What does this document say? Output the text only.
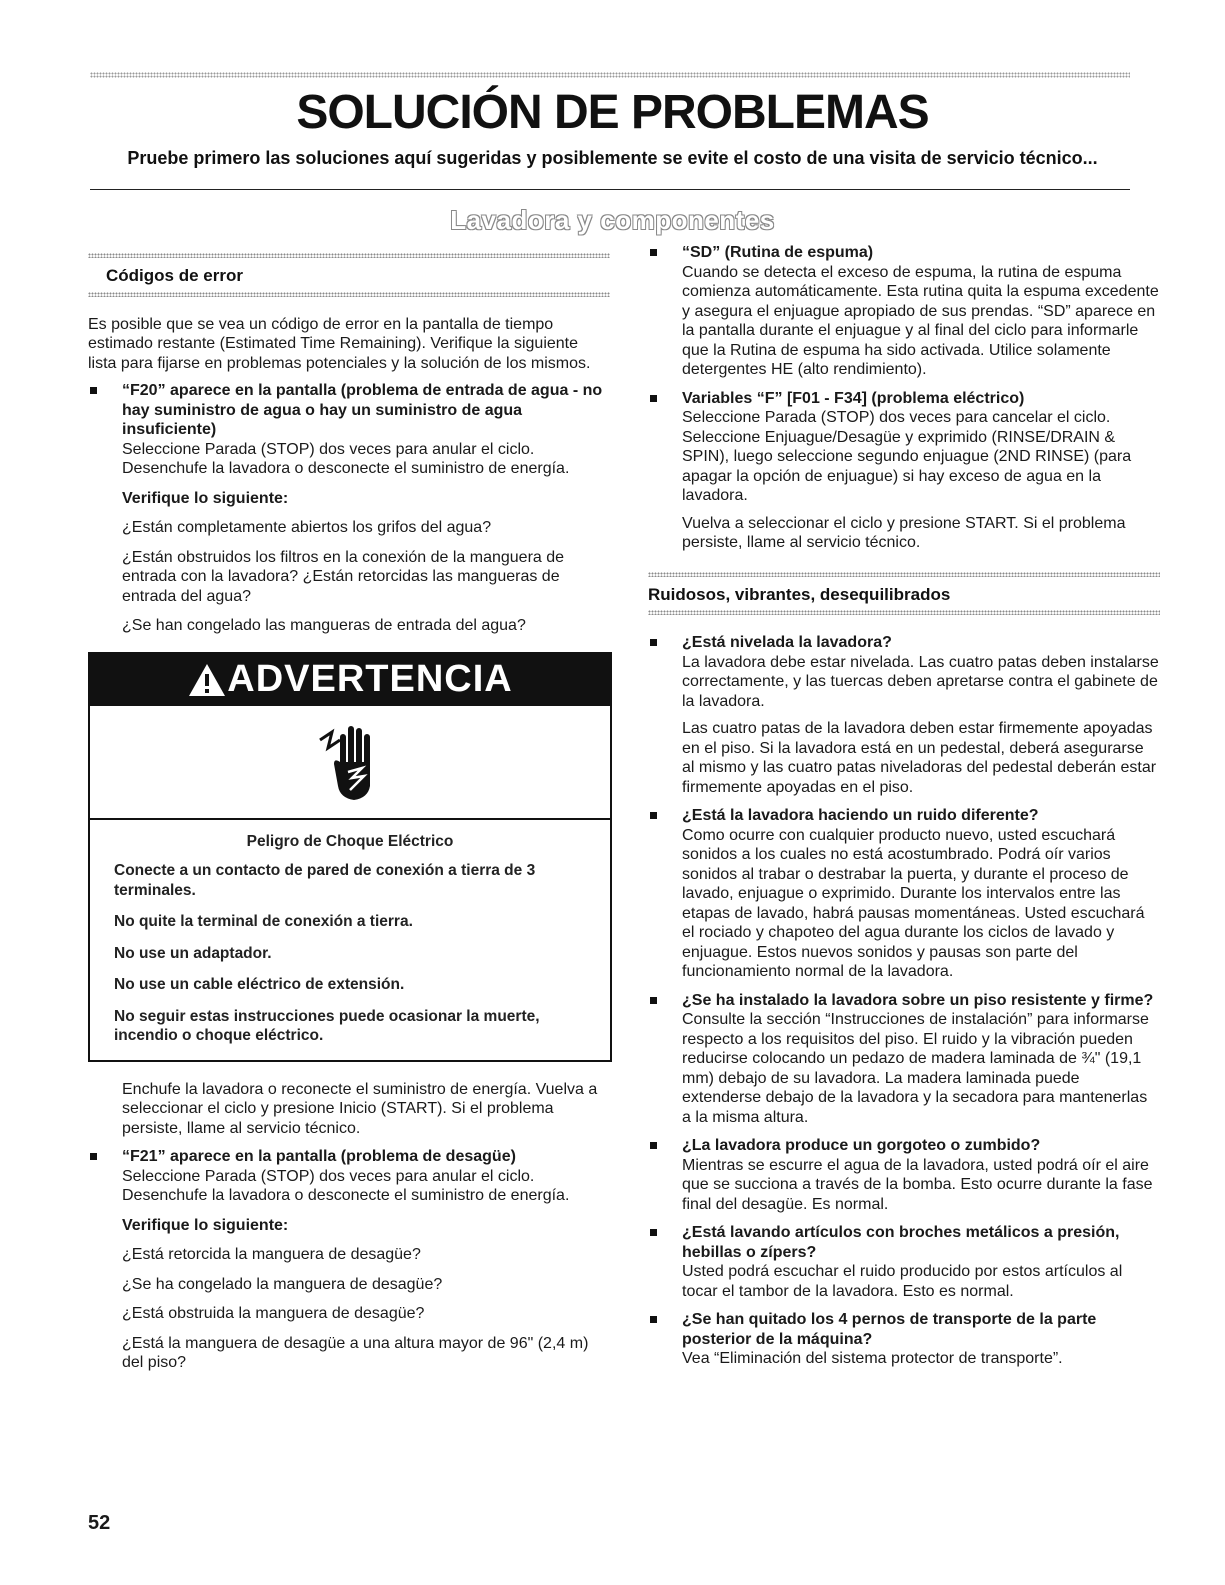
SOLUCIÓN DE PROBLEMAS

Pruebe primero las soluciones aquí sugeridas y posiblemente se evite el costo de una visita de servicio técnico...

Lavadora y componentes
Códigos de error

Es posible que se vea un código de error en la pantalla de tiempo estimado restante (Estimated Time Remaining). Verifique la siguiente lista para fijarse en problemas potenciales y la solución de los mismos.

“F20” aparece en la pantalla (problema de entrada de agua - no hay suministro de agua o hay un suministro de agua insuficiente)
Seleccione Parada (STOP) dos veces para anular el ciclo. Desenchufe la lavadora o desconecte el suministro de energía.
Verifique lo siguiente:
¿Están completamente abiertos los grifos del agua?
¿Están obstruidos los filtros en la conexión de la manguera de entrada con la lavadora? ¿Están retorcidas las mangueras de entrada del agua?
¿Se han congelado las mangueras de entrada del agua?
ADVERTENCIA
Peligro de Choque Eléctrico

Conecte a un contacto de pared de conexión a tierra de 3 terminales.

No quite la terminal de conexión a tierra.

No use un adaptador.

No use un cable eléctrico de extensión.

No seguir estas instrucciones puede ocasionar la muerte, incendio o choque eléctrico.

Enchufe la lavadora o reconecte el suministro de energía. Vuelva a seleccionar el ciclo y presione Inicio (START). Si el problema persiste, llame al servicio técnico.
“F21” aparece en la pantalla (problema de desagüe)
Seleccione Parada (STOP) dos veces para anular el ciclo. Desenchufe la lavadora o desconecte el suministro de energía.
Verifique lo siguiente:
¿Está retorcida la manguera de desagüe?
¿Se ha congelado la manguera de desagüe?
¿Está obstruida la manguera de desagüe?
¿Está la manguera de desagüe a una altura mayor de 96" (2,4 m) del piso?
“SD” (Rutina de espuma)
Cuando se detecta el exceso de espuma, la rutina de espuma comienza automáticamente. Esta rutina quita la espuma excedente y asegura el enjuague apropiado de sus prendas. “SD” aparece en la pantalla durante el enjuague y al final del ciclo para informarle que la Rutina de espuma ha sido activada. Utilice solamente detergentes HE (alto rendimiento).
Variables “F” [F01 - F34] (problema eléctrico)
Seleccione Parada (STOP) dos veces para cancelar el ciclo. Seleccione Enjuague/Desagüe y exprimido (RINSE/DRAIN & SPIN), luego seleccione segundo enjuague (2ND RINSE) (para apagar la opción de enjuague) si hay exceso de agua en la lavadora.
Vuelva a seleccionar el ciclo y presione START. Si el problema persiste, llame al servicio técnico.
Ruidosos, vibrantes, desequilibrados
¿Está nivelada la lavadora?
La lavadora debe estar nivelada. Las cuatro patas deben instalarse correctamente, y las tuercas deben apretarse contra el gabinete de la lavadora.
Las cuatro patas de la lavadora deben estar firmemente apoyadas en el piso. Si la lavadora está en un pedestal, deberá asegurarse al mismo y las cuatro patas niveladoras del pedestal deberán estar firmemente apoyadas en el piso.
¿Está la lavadora haciendo un ruido diferente?
Como ocurre con cualquier producto nuevo, usted escuchará sonidos a los cuales no está acostumbrado. Podrá oír varios sonidos al trabar o destrabar la puerta, y durante el proceso de lavado, enjuague o exprimido. Durante los intervalos entre las etapas de lavado, habrá pausas momentáneas. Usted escuchará el rociado y chapoteo del agua durante los ciclos de lavado y enjuague. Estos nuevos sonidos y pausas son parte del funcionamiento normal de la lavadora.
¿Se ha instalado la lavadora sobre un piso resistente y firme?
Consulte la sección “Instrucciones de instalación” para informarse respecto a los requisitos del piso. El ruido y la vibración pueden reducirse colocando un pedazo de madera laminada de ¾" (19,1 mm) debajo de su lavadora. La madera laminada puede extenderse debajo de la lavadora y la secadora para mantenerlas a la misma altura.
¿La lavadora produce un gorgoteo o zumbido?
Mientras se escurre el agua de la lavadora, usted podrá oír el aire que se succiona a través de la bomba. Esto ocurre durante la fase final del desagüe. Es normal.
¿Está lavando artículos con broches metálicos a presión, hebillas o zípers?
Usted podrá escuchar el ruido producido por estos artículos al tocar el tambor de la lavadora. Esto es normal.
¿Se han quitado los 4 pernos de transporte de la parte posterior de la máquina?
Vea “Eliminación del sistema protector de transporte”.

52
